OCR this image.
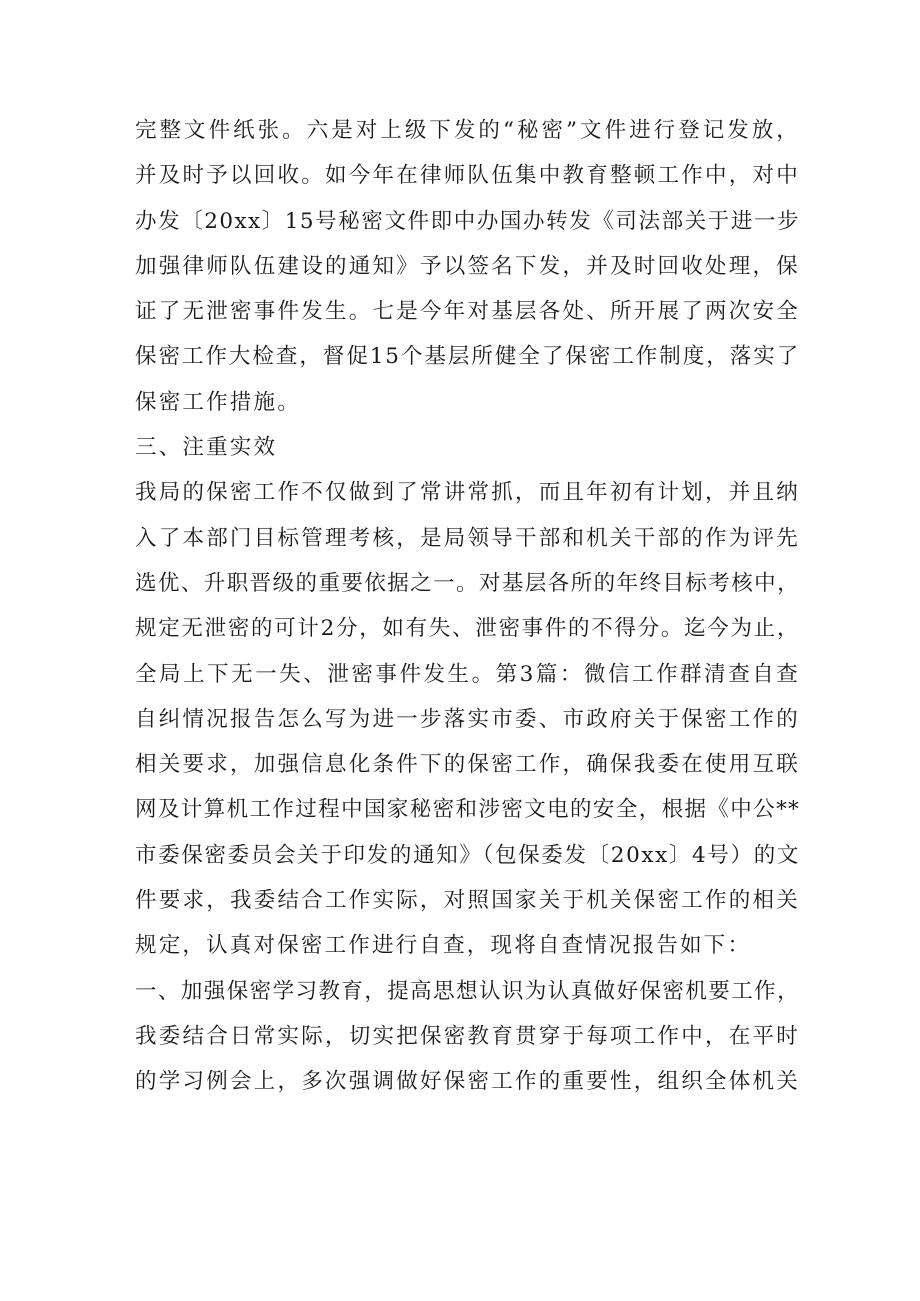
完整文件纸张。六是对上级下发的“秘密”文件进行登记发放，
并及时予以回收。如今年在律师队伍集中教育整顿工作中，对中
办发〔20xx〕15号秘密文件即中办国办转发《司法部关于进一步
加强律师队伍建设的通知》予以签名下发，并及时回收处理，保
证了无泄密事件发生。七是今年对基层各处、所开展了两次安全
保密工作大检查，督促15个基层所健全了保密工作制度，落实了
保密工作措施。
三、注重实效
我局的保密工作不仅做到了常讲常抓，而且年初有计划，并且纳
入了本部门目标管理考核，是局领导干部和机关干部的作为评先
选优、升职晋级的重要依据之一。对基层各所的年终目标考核中，
规定无泄密的可计2分，如有失、泄密事件的不得分。迄今为止，
全局上下无一失、泄密事件发生。第3篇：微信工作群清查自查
自纠情况报告怎么写为进一步落实市委、市政府关于保密工作的
相关要求，加强信息化条件下的保密工作，确保我委在使用互联
网及计算机工作过程中国家秘密和涉密文电的安全，根据《中公**
市委保密委员会关于印发的通知》（包保委发〔20xx〕4号）的文
件要求，我委结合工作实际，对照国家关于机关保密工作的相关
规定，认真对保密工作进行自查，现将自查情况报告如下：
一、加强保密学习教育，提高思想认识为认真做好保密机要工作，
我委结合日常实际，切实把保密教育贯穿于每项工作中，在平时
的学习例会上，多次强调做好保密工作的重要性，组织全体机关
